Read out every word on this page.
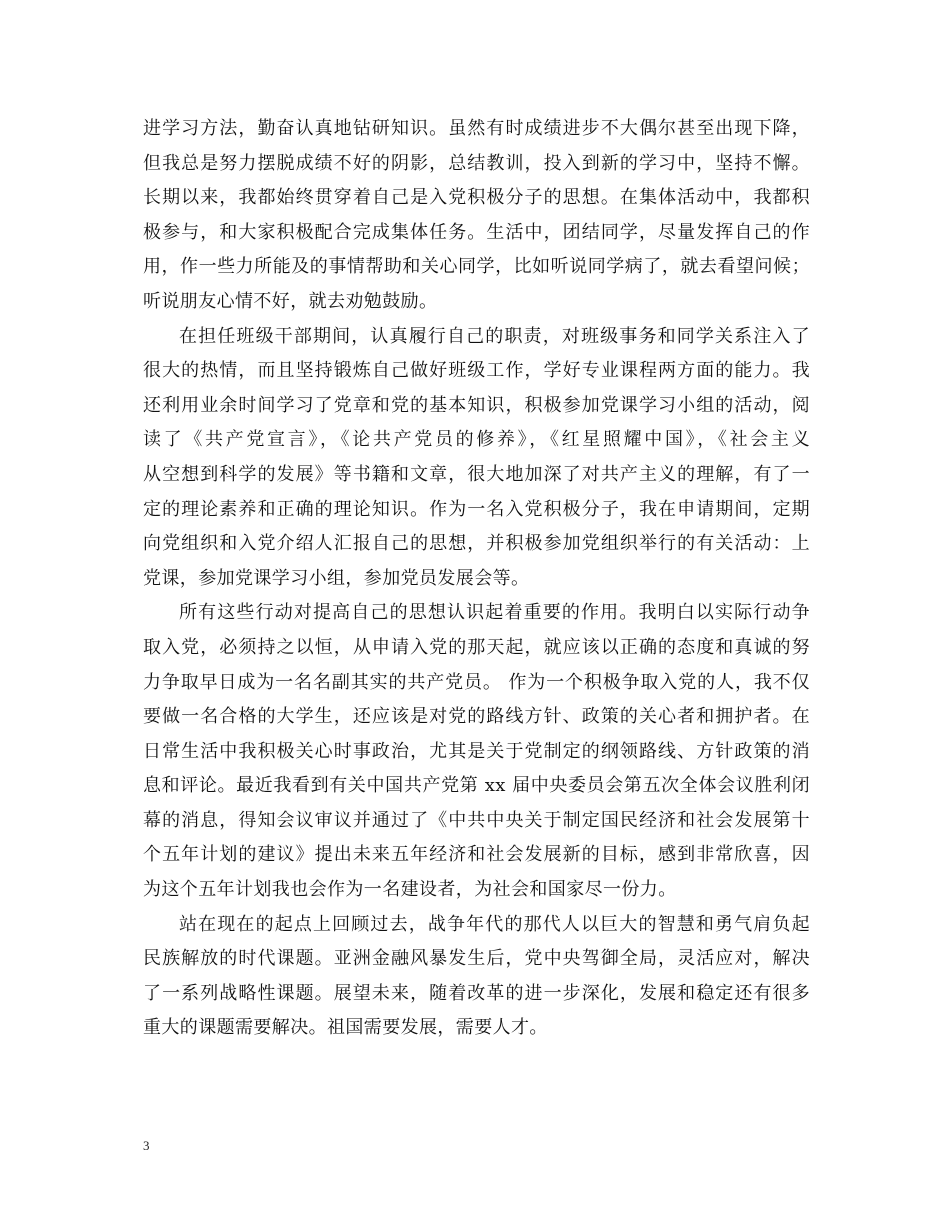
进学习方法，勤奋认真地钻研知识。虽然有时成绩进步不大偶尔甚至出现下降，
但我总是努力摆脱成绩不好的阴影，总结教训，投入到新的学习中，坚持不懈。
长期以来，我都始终贯穿着自己是入党积极分子的思想。在集体活动中，我都积
极参与，和大家积极配合完成集体任务。生活中，团结同学，尽量发挥自己的作
用，作一些力所能及的事情帮助和关心同学，比如听说同学病了，就去看望问候；
听说朋友心情不好，就去劝勉鼓励。
在担任班级干部期间，认真履行自己的职责，对班级事务和同学关系注入了
很大的热情，而且坚持锻炼自己做好班级工作，学好专业课程两方面的能力。我
还利用业余时间学习了党章和党的基本知识，积极参加党课学习小组的活动，阅
读了《共产党宣言》，《论共产党员的修养》，《红星照耀中国》，《社会主义
从空想到科学的发展》等书籍和文章，很大地加深了对共产主义的理解，有了一
定的理论素养和正确的理论知识。作为一名入党积极分子，我在申请期间，定期
向党组织和入党介绍人汇报自己的思想，并积极参加党组织举行的有关活动：上
党课，参加党课学习小组，参加党员发展会等。
所有这些行动对提高自己的思想认识起着重要的作用。我明白以实际行动争
取入党，必须持之以恒，从申请入党的那天起，就应该以正确的态度和真诚的努
力争取早日成为一名名副其实的共产党员。 作为一个积极争取入党的人，我不仅
要做一名合格的大学生，还应该是对党的路线方针、政策的关心者和拥护者。在
日常生活中我积极关心时事政治，尤其是关于党制定的纲领路线、方针政策的消
息和评论。最近我看到有关中国共产党第 xx 届中央委员会第五次全体会议胜利闭
幕的消息，得知会议审议并通过了《中共中央关于制定国民经济和社会发展第十
个五年计划的建议》提出未来五年经济和社会发展新的目标，感到非常欣喜，因
为这个五年计划我也会作为一名建设者，为社会和国家尽一份力。
站在现在的起点上回顾过去，战争年代的那代人以巨大的智慧和勇气肩负起
民族解放的时代课题。亚洲金融风暴发生后，党中央驾御全局，灵活应对，解决
了一系列战略性课题。展望未来，随着改革的进一步深化，发展和稳定还有很多
重大的课题需要解决。祖国需要发展，需要人才。
3
